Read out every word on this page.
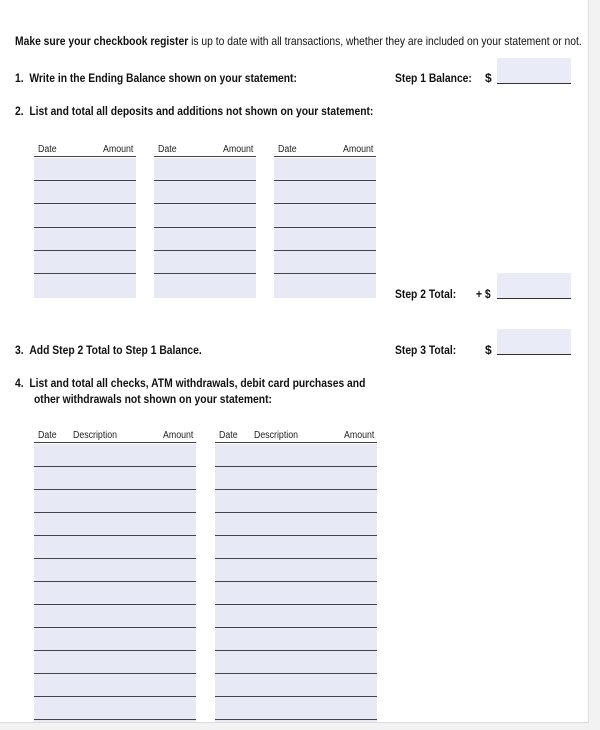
Make sure your checkbook register is up to date with all transactions, whether they are included on your statement or not.
1. Write in the Ending Balance shown on your statement:	Step 1 Balance:	$
2. List and total all deposits and additions not shown on your statement:
Date	Amount	Date	Amount	Date	Amount
Step 2 Total:	+ $
3. Add Step 2 Total to Step 1 Balance.	Step 3 Total:	$
4. List and total all checks, ATM withdrawals, debit card purchases and
other withdrawals not shown on your statement:
Date Description	Amount	Date Description	Amount
